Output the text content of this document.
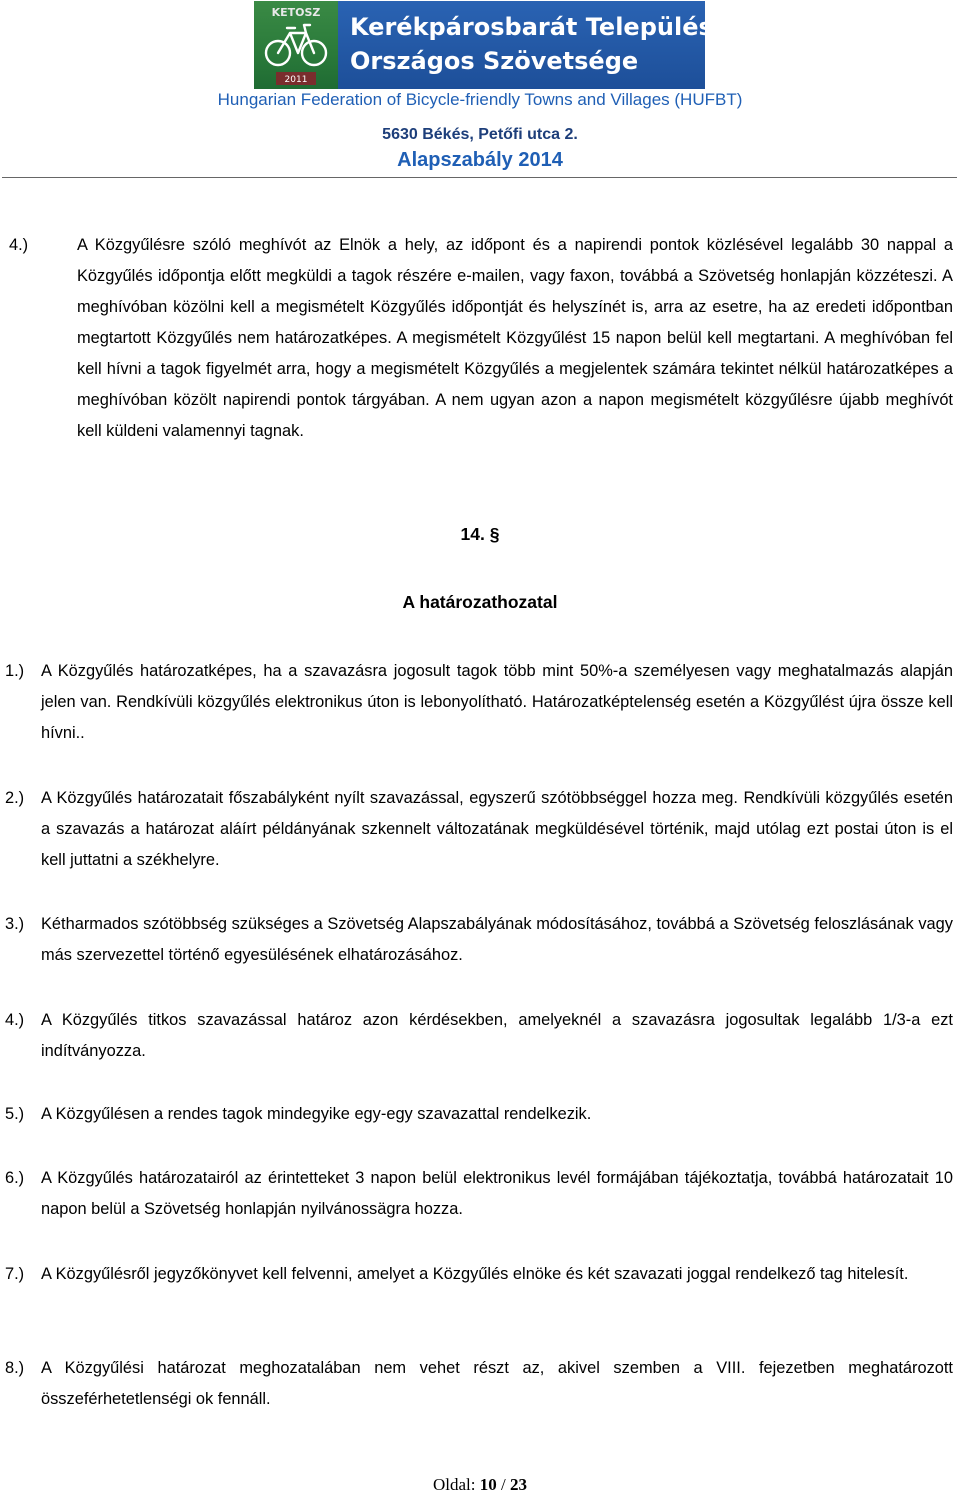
KETOSZ
2011
Kerékpárosbarát Települések
Országos Szövetsége
Hungarian Federation of Bicycle-friendly Towns and Villages (HUFBT)
5630 Békés, Petőfi utca 2.
Alapszabály 2014
4.)	A Közgyűlésre szóló meghívót az Elnök a hely, az időpont és a napirendi pontok közlésével legalább 30 nappal a Közgyűlés időpontja előtt megküldi a tagok részére e-mailen, vagy faxon, továbbá a Szövetség honlapján közzéteszi. A meghívóban közölni kell a megismételt Közgyűlés időpontját és helyszínét is, arra az esetre, ha az eredeti időpontban megtartott Közgyűlés nem határozatképes. A megismételt Közgyűlést 15 napon belül kell megtartani. A meghívóban fel kell hívni a tagok figyelmét arra, hogy a megismételt Közgyűlés a megjelentek számára tekintet nélkül határozatképes a meghívóban közölt napirendi pontok tárgyában. A nem ugyan azon a napon megismételt közgyűlésre újabb meghívót kell küldeni valamennyi tagnak.
14. §
A határozathozatal
1.) A Közgyűlés határozatképes, ha a szavazásra jogosult tagok több mint 50%-a személyesen vagy meghatalmazás alapján jelen van. Rendkívüli közgyűlés elektronikus úton is lebonyolítható. Határozatképtelenség esetén a Közgyűlést újra össze kell hívni..
2.) A Közgyűlés határozatait főszabályként nyílt szavazással, egyszerű szótöbbséggel hozza meg. Rendkívüli közgyűlés esetén a szavazás a határozat aláírt példányának szkennelt változatának megküldésével történik, majd utólag ezt postai úton is el kell juttatni a székhelyre.
3.) Kétharmados szótöbbség szükséges a Szövetség Alapszabályának módosításához, továbbá a Szövetség feloszlásának vagy más szervezettel történő egyesülésének elhatározásához.
4.) A Közgyűlés titkos szavazással határoz azon kérdésekben, amelyeknél a szavazásra jogosultak legalább 1/3-a ezt indítványozza.
5.) A Közgyűlésen a rendes tagok mindegyike egy-egy szavazattal rendelkezik.
6.) A Közgyűlés határozatairól az érintetteket 3 napon belül elektronikus levél formájában tájékoztatja, továbbá határozatait 10 napon belül a Szövetség honlapján nyilvánossägra hozza.
7.) A Közgyűlésről jegyzőkönyvet kell felvenni, amelyet a Közgyűlés elnöke és két szavazati joggal rendelkező tag hitelesít.
8.) A Közgyűlési határozat meghozatalában nem vehet részt az, akivel szemben a VIII. fejezetben meghatározott összeférhetetlenségi ok fennáll.
Oldal: 10 / 23
